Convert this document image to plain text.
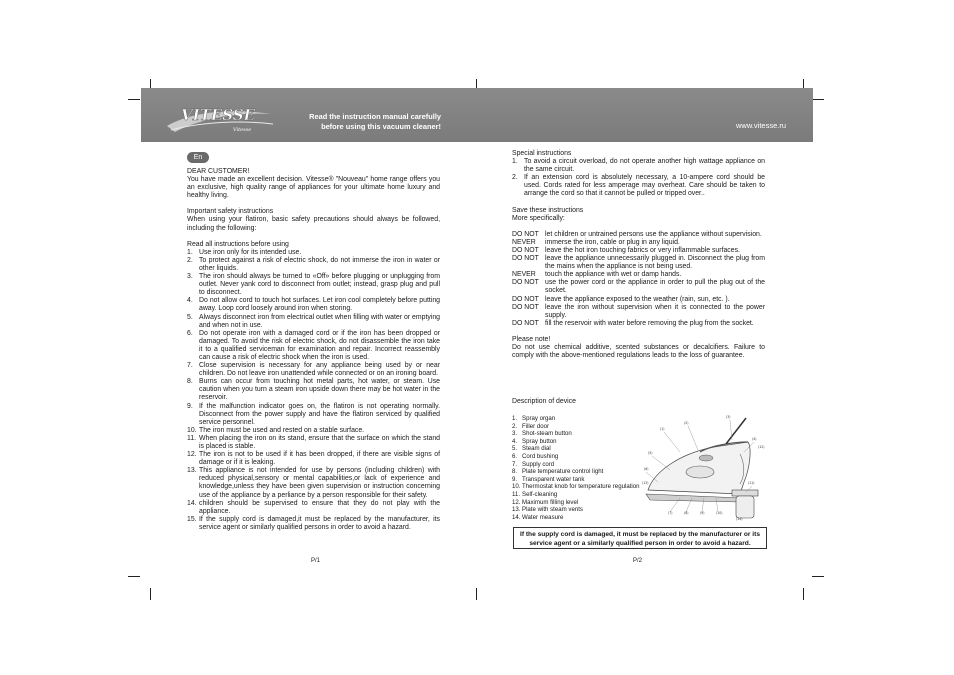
VITESSE
Vitesse
Read the instruction manual carefully
before using this vacuum cleaner!	www.vitesse.ru
En

DEAR CUSTOMER!

You have made an excellent decision. Vitesse® "Nouveau" home range offers you an exclusive, high quality range of appliances for your ultimate home luxury and healthy living.

Important safety instructions

When using your flatiron, basic safety precautions should always be followed, including the following:

Read all instructions before using

1. Use iron only for its intended use.
2. To protect against a risk of electric shock, do not immerse the iron in water or other liquids.
3. The iron should always be turned to «Off» before plugging or unplugging from outlet. Never yank cord to disconnect from outlet; instead, grasp plug and pull to disconnect.
4. Do not allow cord to touch hot surfaces. Let iron cool completely before putting away. Loop cord loosely around iron when storing.
5. Always disconnect iron from electrical outlet when filling with water or emptying and when not in use.
6. Do not operate iron with a damaged cord or if the iron has been dropped or damaged. To avoid the risk of electric shock, do not disassemble the iron take it to a qualified serviceman for examination and repair. Incorrect reassembly can cause a risk of electric shock when the iron is used.
7. Close supervision is necessary for any appliance being used by or near children. Do not leave iron unattended while connected or on an ironing board.
8. Burns can occur from touching hot metal parts, hot water, or steam. Use caution when you turn a steam iron upside down there may be hot water in the reservoir.
9. If the malfunction indicator goes on, the flatiron is not operating normally. Disconnect from the power supply and have the flatiron serviced by qualified service personnel.
10. The iron must be used and rested on a stable surface.
11. When placing the iron on its stand, ensure that the surface on which the stand is placed is stable.
12. The iron is not to be used if it has been dropped, if there are visible signs of damage or if it is leaking.
13. This appliance is not intended for use by persons (including children) with reduced physical,sensory or mental capabilities,or lack of experience and knowledge,unless they have been given supervision or instruction concerning use of the appliance by a perliance by a person responsible for their safety.
14. children should be supervised to ensure that they do not play with the appliance.
15. If the supply cord is damaged,it must be replaced by the manufacturer, its service agent or similarly qualified persons in order to avoid a hazard.
P/1

Special instructions

1. To avoid a circuit overload, do not operate another high wattage appliance on the same circuit.
2. If an extension cord is absolutely necessary, a 10-ampere cord should be used. Cords rated for less amperage may overheat. Care should be taken to arrange the cord so that it cannot be pulled or tripped over..

Save these instructions

More specifically:

DO NOT let children or untrained persons use the appliance without supervision.
NEVER	immerse the iron, cable or plug in any liquid.
DO NOT leave the hot iron touching fabrics or very inflammable surfaces.
DO NOT leave the appliance unnecessarily plugged in. Disconnect the plug from the mains when the appliance is not being used.
NEVER	touch the appliance with wet or damp hands.
DO NOT use the power cord or the appliance in order to pull the plug out of the socket.
DO NOT leave the appliance exposed to the weather (rain, sun, etc. ).
DO NOT leave the iron without supervision when it is connected to the power supply.
DO NOT fill the reservoir with water before removing the plug from the socket.

Please note!

Do not use chemical additive, scented substances or decalcifiers. Failure to comply with the above-mentioned regulations leads to the loss of guarantee.

Description of device

1. Spray organ
2. Filler door
3. Shot-steam button
4. Spray button
5. Steam dial
6. Cord bushing
7. Supply cord
8. Plate temperature control light
9. Transparent water tank
10. Thermostat knob for temperature regulation
11. Self-cleaning
12. Maximum filling level
13. Plate with steam vents
14. Water measure
(1)
(2)
(3)
(4)
(5)
(6)
(7)	(8)	(9)	(10)
(11)
(12)
(13)
(14)
If the supply cord is damaged, it must be replaced by the manufacturer or its service agent or a similarly qualified person in order to avoid a hazard.
P/2
